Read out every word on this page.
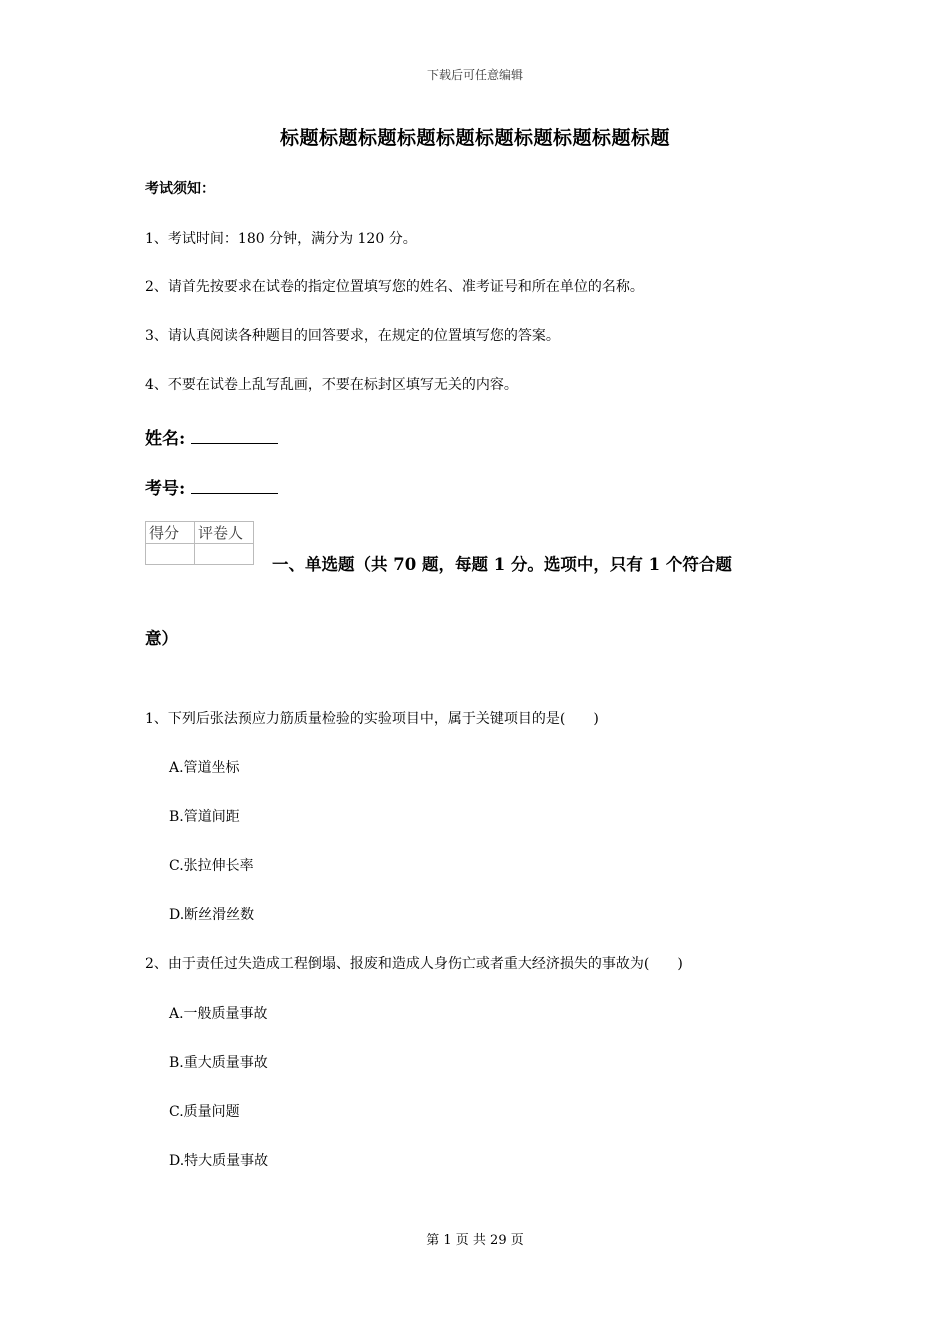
下载后可任意编辑
标题标题标题标题标题标题标题标题标题标题
考试须知：
1、考试时间：180 分钟，满分为 120 分。
2、请首先按要求在试卷的指定位置填写您的姓名、准考证号和所在单位的名称。
3、请认真阅读各种题目的回答要求，在规定的位置填写您的答案。
4、不要在试卷上乱写乱画，不要在标封区填写无关的内容。
姓名:
考号:
得分	评卷人

一、单选题（共 70 题，每题 1 分。选项中，只有 1 个符合题
意）
1、下列后张法预应力筋质量检验的实验项目中，属于关键项目的是(　　)
A.管道坐标
B.管道间距
C.张拉伸长率
D.断丝滑丝数
2、由于责任过失造成工程倒塌、报废和造成人身伤亡或者重大经济损失的事故为(　　)
A.一般质量事故
B.重大质量事故
C.质量问题
D.特大质量事故
第 1 页 共 29 页
